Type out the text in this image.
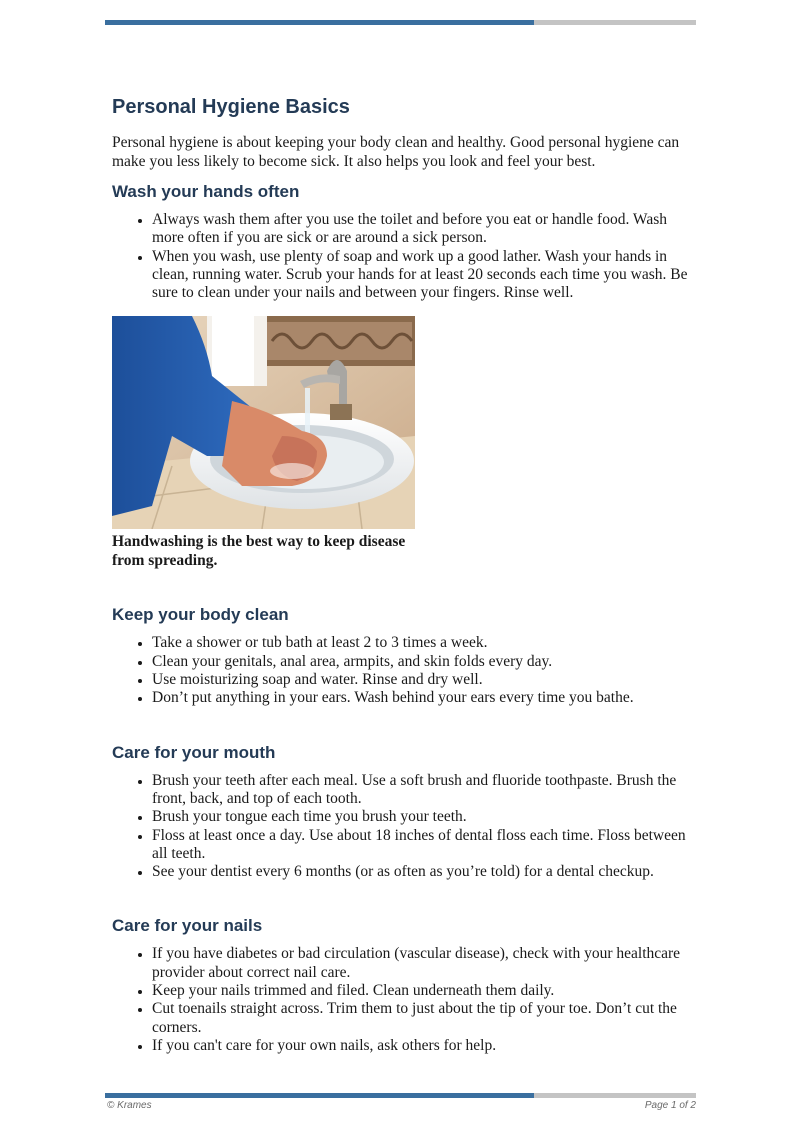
Personal Hygiene Basics

Personal hygiene is about keeping your body clean and healthy. Good personal hygiene can make you less likely to become sick. It also helps you look and feel your best.

Wash your hands often
• Always wash them after you use the toilet and before you eat or handle food. Wash more often if you are sick or are around a sick person.
• When you wash, use plenty of soap and work up a good lather. Wash your hands in clean, running water. Scrub your hands for at least 20 seconds each time you wash. Be sure to clean under your nails and between your fingers. Rinse well.

Handwashing is the best way to keep disease from spreading.

Keep your body clean
• Take a shower or tub bath at least 2 to 3 times a week.
• Clean your genitals, anal area, armpits, and skin folds every day.
• Use moisturizing soap and water. Rinse and dry well.
• Don’t put anything in your ears. Wash behind your ears every time you bathe.
Care for your mouth
• Brush your teeth after each meal. Use a soft brush and fluoride toothpaste. Brush the front, back, and top of each tooth.
• Brush your tongue each time you brush your teeth.
• Floss at least once a day. Use about 18 inches of dental floss each time. Floss between all teeth.
• See your dentist every 6 months (or as often as you’re told) for a dental checkup.
Care for your nails
• If you have diabetes or bad circulation (vascular disease), check with your healthcare provider about correct nail care.
• Keep your nails trimmed and filed. Clean underneath them daily.
• Cut toenails straight across. Trim them to just about the tip of your toe. Don’t cut the corners.
• If you can't care for your own nails, ask others for help.
© Krames	Page 1 of 2
